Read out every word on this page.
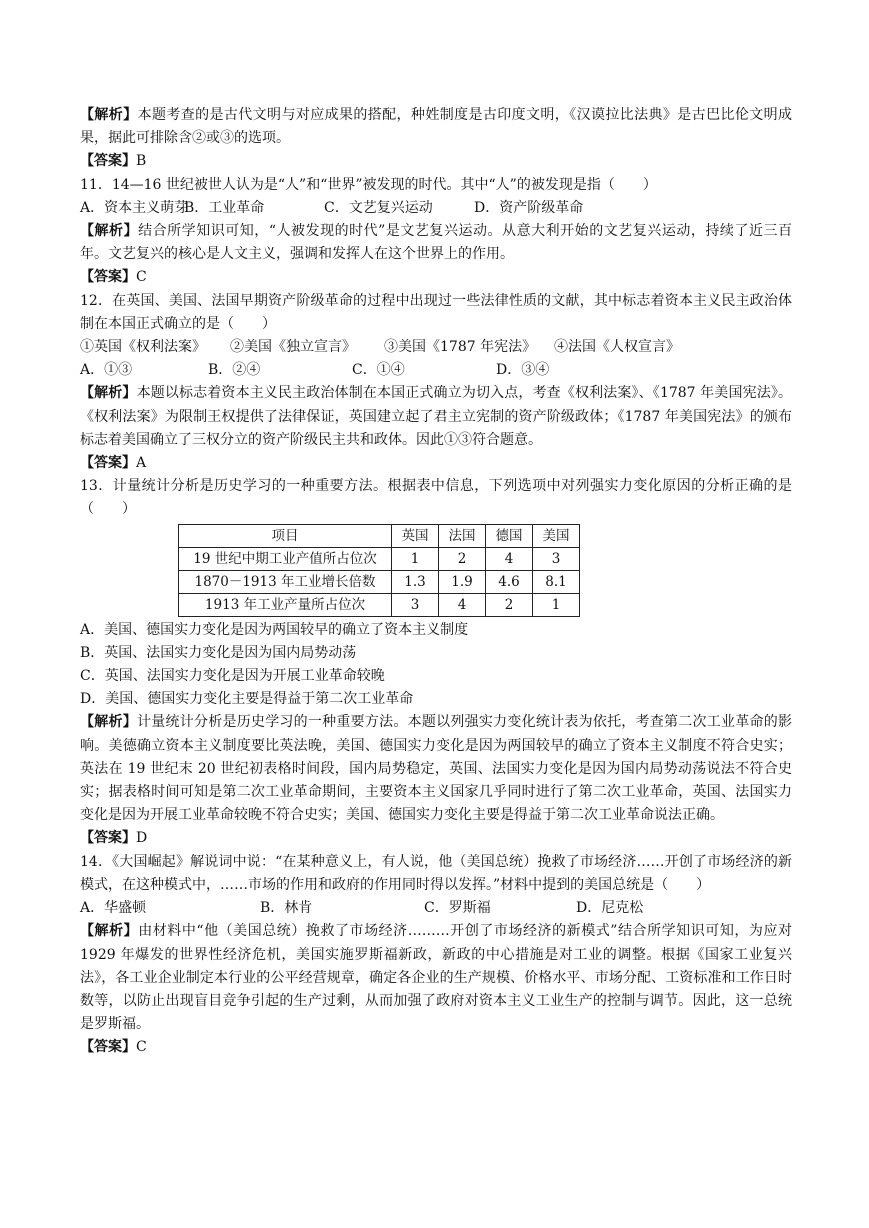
【解析】本题考查的是古代文明与对应成果的搭配，种姓制度是古印度文明，《汉谟拉比法典》是古巴比伦文明成果，据此可排除含②或③的选项。

【答案】B

11．14—16 世纪被世人认为是“人”和“世界”被发现的时代。其中“人”的被发现是指（　　）

A．资本主义萌芽
B．工业革命	C．文艺复兴运动	D．资产阶级革命

【解析】结合所学知识可知，“人被发现的时代”是文艺复兴运动。从意大利开始的文艺复兴运动，持续了近三百年。文艺复兴的核心是人文主义，强调和发挥人在这个世界上的作用。

【答案】C

12．在英国、美国、法国早期资产阶级革命的过程中出现过一些法律性质的文献，其中标志着资本主义民主政治体制在本国正式确立的是（　　）

①英国《权利法案》	②美国《独立宣言》	③美国《1787 年宪法》	④法国《人权宣言》
A．①③	B．②④	C．①④	D．③④

【解析】本题以标志着资本主义民主政治体制在本国正式确立为切入点，考查《权利法案》、《1787 年美国宪法》。《权利法案》为限制王权提供了法律保证，英国建立起了君主立宪制的资产阶级政体；《1787 年美国宪法》的颁布标志着美国确立了三权分立的资产阶级民主共和政体。因此①③符合题意。

【答案】A

13．计量统计分析是历史学习的一种重要方法。根据表中信息，下列选项中对列强实力变化原因的分析正确的是（　　）

项目	英国	法国	德国	美国
19 世纪中期工业产值所占位次	1	2	4	3
1870－1913 年工业增长倍数	1.3	1.9	4.6	8.1
1913 年工业产量所占位次	3	4	2	1

A．美国、德国实力变化是因为两国较早的确立了资本主义制度

B．英国、法国实力变化是因为国内局势动荡

C．英国、法国实力变化是因为开展工业革命较晚

D．美国、德国实力变化主要是得益于第二次工业革命

【解析】计量统计分析是历史学习的一种重要方法。本题以列强实力变化统计表为依托，考查第二次工业革命的影响。美德确立资本主义制度要比英法晚，美国、德国实力变化是因为两国较早的确立了资本主义制度不符合史实；英法在 19 世纪末 20 世纪初表格时间段，国内局势稳定，英国、法国实力变化是因为国内局势动荡说法不符合史实；据表格时间可知是第二次工业革命期间，主要资本主义国家几乎同时进行了第二次工业革命，英国、法国实力变化是因为开展工业革命较晚不符合史实；美国、德国实力变化主要是得益于第二次工业革命说法正确。

【答案】D

14．《大国崛起》解说词中说：“在某种意义上，有人说，他（美国总统）挽救了市场经济……开创了市场经济的新模式，在这种模式中，……市场的作用和政府的作用同时得以发挥。”材料中提到的美国总统是（　　）

A．华盛顿	B．林肯	C．罗斯福	D．尼克松

【解析】由材料中“他（美国总统）挽救了市场经济………开创了市场经济的新模式”结合所学知识可知，为应对 1929 年爆发的世界性经济危机，美国实施罗斯福新政，新政的中心措施是对工业的调整。根据《国家工业复兴法》，各工业企业制定本行业的公平经营规章，确定各企业的生产规模、价格水平、市场分配、工资标准和工作日时数等，以防止出现盲目竞争引起的生产过剩，从而加强了政府对资本主义工业生产的控制与调节。因此，这一总统是罗斯福。

【答案】C
